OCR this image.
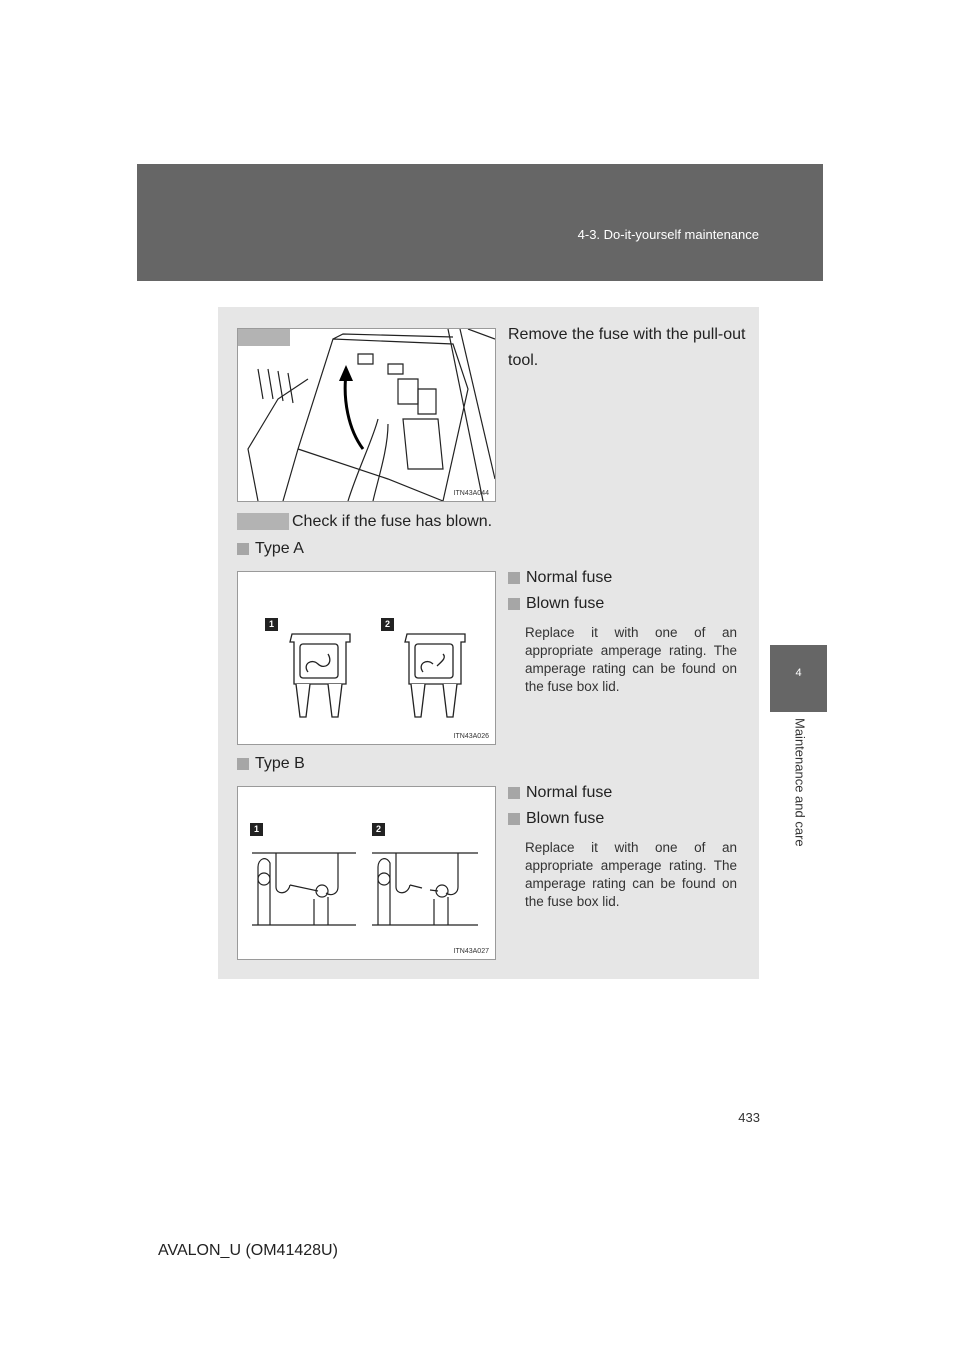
4-3. Do-it-yourself maintenance
4
Maintenance and care
ITN43A044
Remove the fuse with the pull-out tool.
Check if the fuse has blown.
Type A
1	2
ITN43A026
Normal fuse
Blown fuse
Replace it with one of an appropriate amperage rating. The amperage rating can be found on the fuse box lid.
Type B
1	2
ITN43A027
Normal fuse
Blown fuse
Replace it with one of an appropriate amperage rating. The amperage rating can be found on the fuse box lid.
433
AVALON_U (OM41428U)
